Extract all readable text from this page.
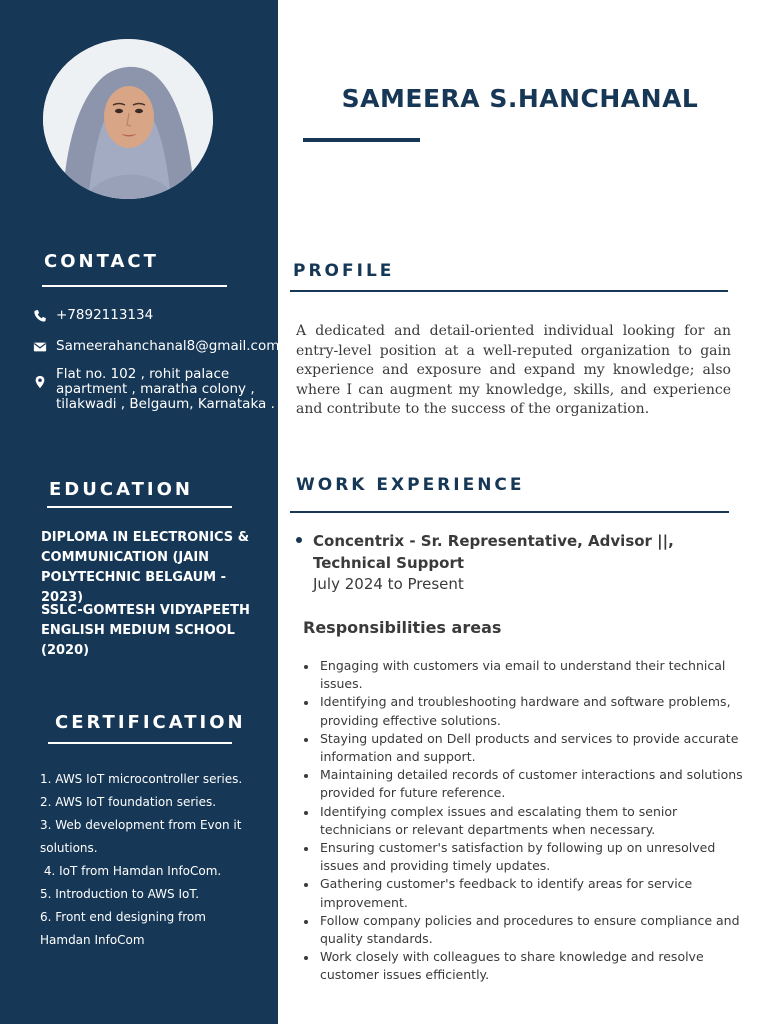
CONTACT
+7892113134
Sameerahanchanal8@gmail.com
Flat no. 102 , rohit palace
apartment , maratha colony ,
tilakwadi , Belgaum, Karnataka .
EDUCATION
DIPLOMA IN ELECTRONICS &
COMMUNICATION (JAIN
POLYTECHNIC BELGAUM - 2023)
SSLC-GOMTESH VIDYAPEETH
ENGLISH MEDIUM SCHOOL
(2020)
CERTIFICATION
1. AWS IoT microcontroller series.
2. AWS IoT foundation series.
3. Web development from Evon it
solutions.
4. IoT from Hamdan InfoCom.
5. Introduction to AWS IoT.
6. Front end designing from
Hamdan InfoCom
SAMEERA S.HANCHANAL
PROFILE

A dedicated and detail-oriented individual looking for an entry-level position at a well-reputed organization to gain experience and exposure and expand my knowledge; also where I can augment my knowledge, skills, and experience and contribute to the success of the organization.

WORK EXPERIENCE
Concentrix - Sr. Representative, Advisor ||, Technical Support
July 2024 to Present
Responsibilities areas
Engaging with customers via email to understand their technical issues.
Identifying and troubleshooting hardware and software problems, providing effective solutions.
Staying updated on Dell products and services to provide accurate information and support.
Maintaining detailed records of customer interactions and solutions provided for future reference.
Identifying complex issues and escalating them to senior technicians or relevant departments when necessary.
Ensuring customer's satisfaction by following up on unresolved issues and providing timely updates.
Gathering customer's feedback to identify areas for service improvement.
Follow company policies and procedures to ensure compliance and quality standards.
Work closely with colleagues to share knowledge and resolve customer issues efficiently.
